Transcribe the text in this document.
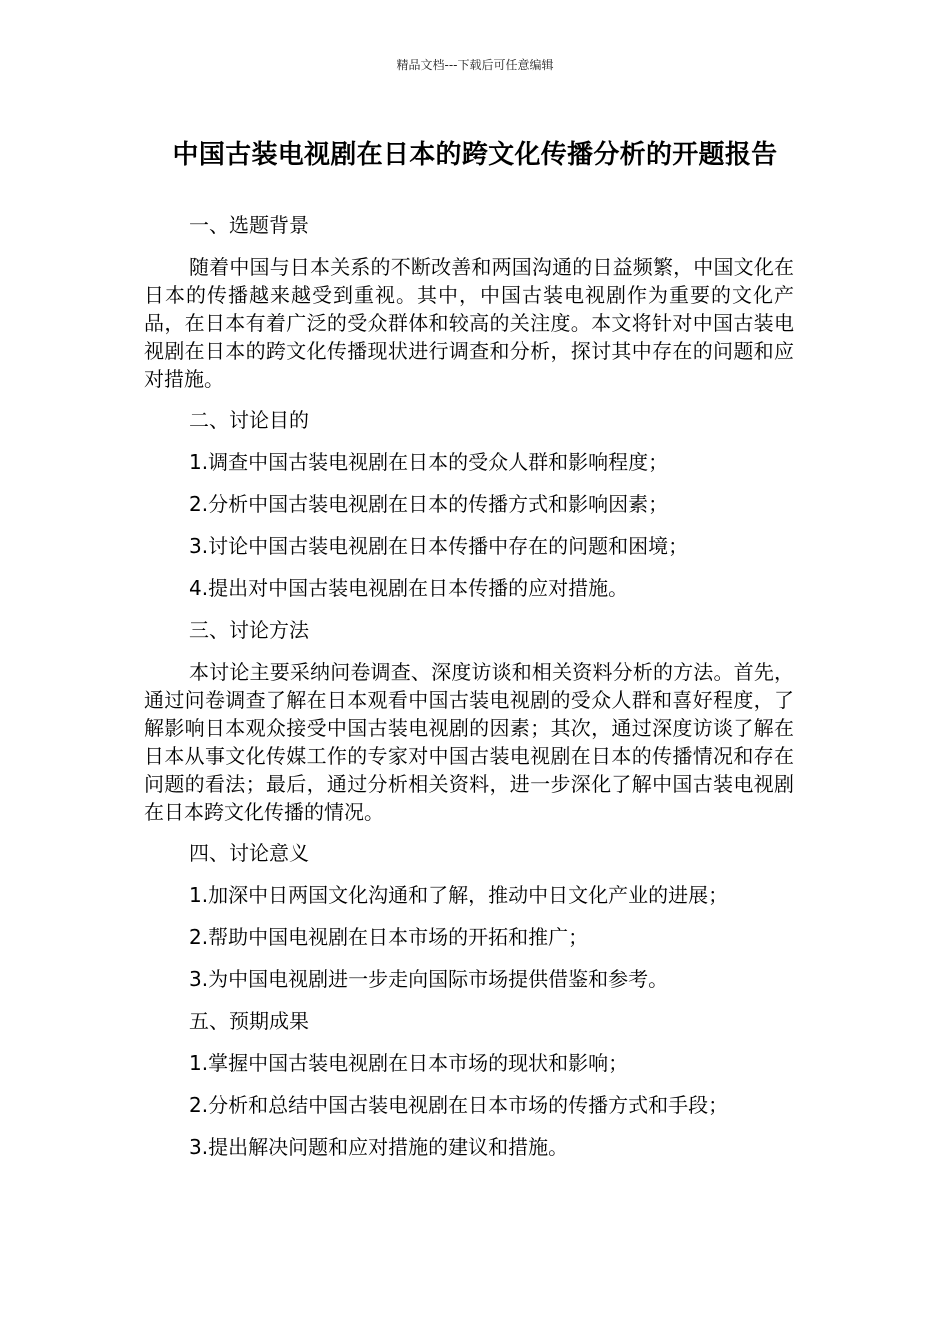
精品文档---下载后可任意编辑
中国古装电视剧在日本的跨文化传播分析的开题报告

一、选题背景

随着中国与日本关系的不断改善和两国沟通的日益频繁，中国文化在日本的传播越来越受到重视。其中，中国古装电视剧作为重要的文化产品，在日本有着广泛的受众群体和较高的关注度。本文将针对中国古装电视剧在日本的跨文化传播现状进行调查和分析，探讨其中存在的问题和应对措施。

二、讨论目的

1.调查中国古装电视剧在日本的受众人群和影响程度；

2.分析中国古装电视剧在日本的传播方式和影响因素；

3.讨论中国古装电视剧在日本传播中存在的问题和困境；

4.提出对中国古装电视剧在日本传播的应对措施。

三、讨论方法

本讨论主要采纳问卷调查、深度访谈和相关资料分析的方法。首先，通过问卷调查了解在日本观看中国古装电视剧的受众人群和喜好程度，了解影响日本观众接受中国古装电视剧的因素；其次，通过深度访谈了解在日本从事文化传媒工作的专家对中国古装电视剧在日本的传播情况和存在问题的看法；最后，通过分析相关资料，进一步深化了解中国古装电视剧在日本跨文化传播的情况。

四、讨论意义

1.加深中日两国文化沟通和了解，推动中日文化产业的进展；

2.帮助中国电视剧在日本市场的开拓和推广；

3.为中国电视剧进一步走向国际市场提供借鉴和参考。

五、预期成果

1.掌握中国古装电视剧在日本市场的现状和影响；

2.分析和总结中国古装电视剧在日本市场的传播方式和手段；

3.提出解决问题和应对措施的建议和措施。
